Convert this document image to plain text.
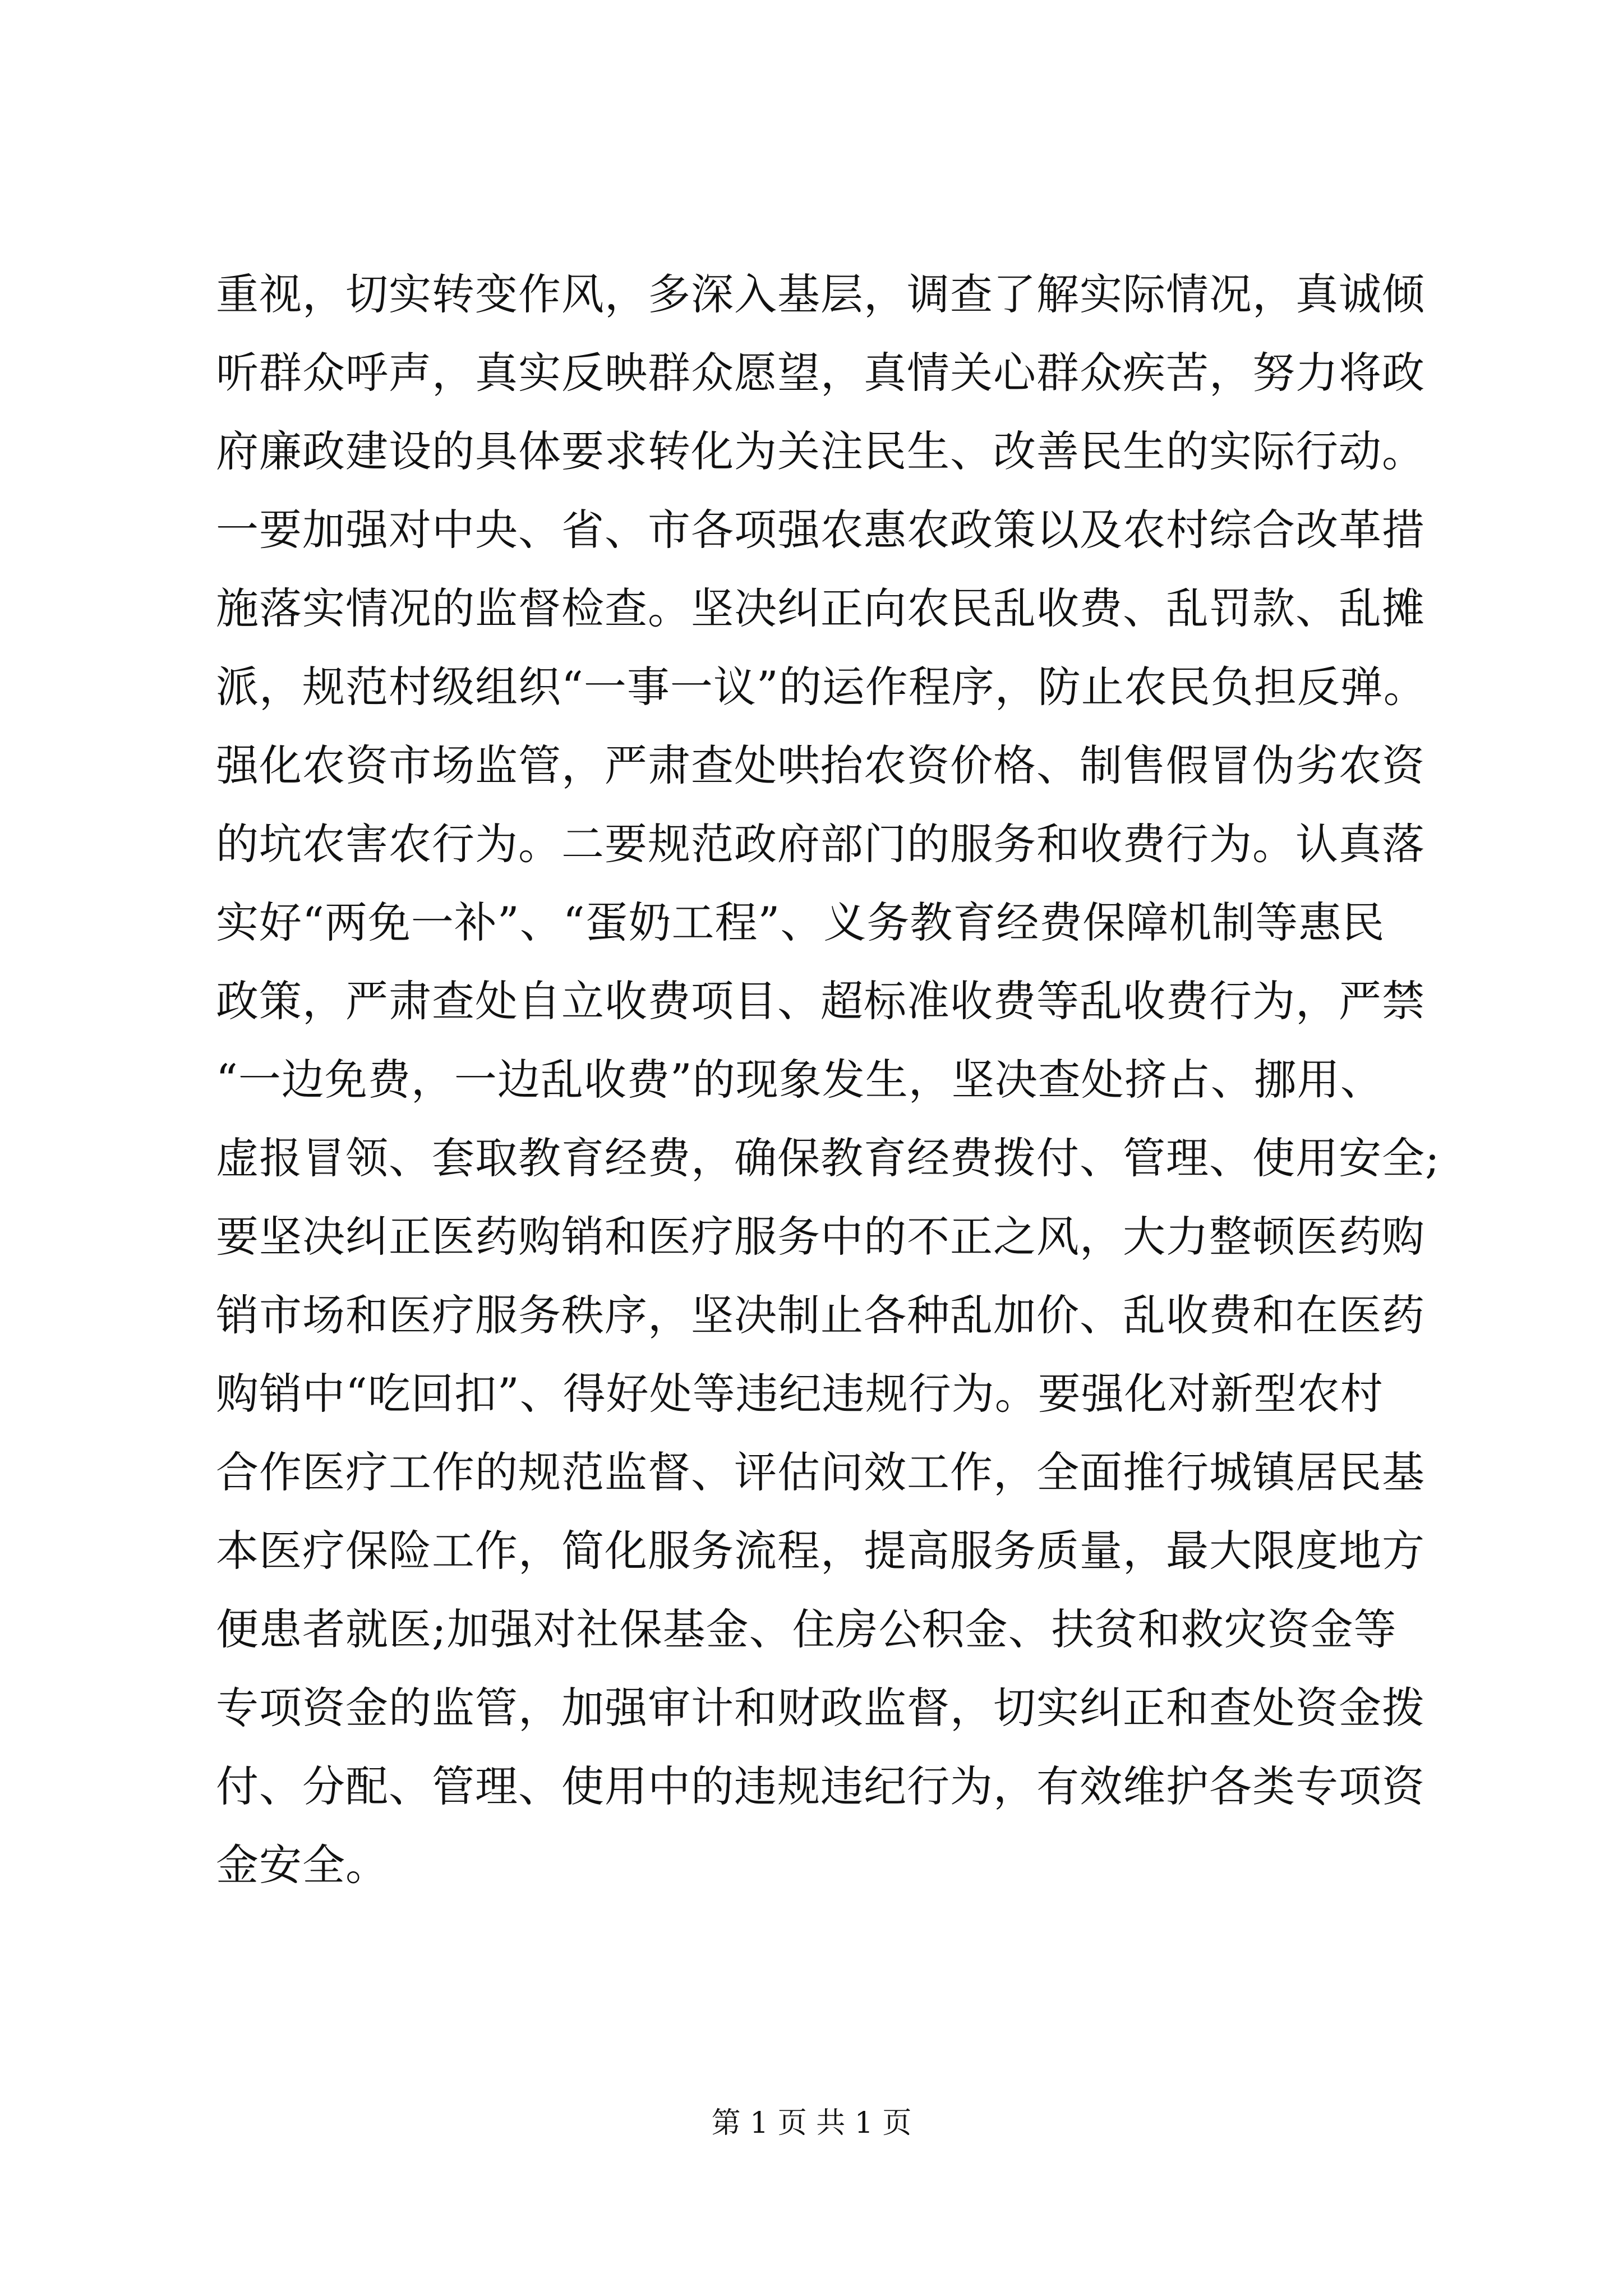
重视，切实转变作风，多深入基层，调查了解实际情况，真诚倾
听群众呼声，真实反映群众愿望，真情关心群众疾苦，努力将政
府廉政建设的具体要求转化为关注民生、改善民生的实际行动。
一要加强对中央、省、市各项强农惠农政策以及农村综合改革措
施落实情况的监督检查。坚决纠正向农民乱收费、乱罚款、乱摊
派，规范村级组织“一事一议”的运作程序，防止农民负担反弹。
强化农资市场监管，严肃查处哄抬农资价格、制售假冒伪劣农资
的坑农害农行为。二要规范政府部门的服务和收费行为。认真落
实好“两免一补”、“蛋奶工程”、义务教育经费保障机制等惠民
政策，严肃查处自立收费项目、超标准收费等乱收费行为，严禁
“一边免费，一边乱收费”的现象发生，坚决查处挤占、挪用、
虚报冒领、套取教育经费，确保教育经费拨付、管理、使用安全;
要坚决纠正医药购销和医疗服务中的不正之风，大力整顿医药购
销市场和医疗服务秩序，坚决制止各种乱加价、乱收费和在医药
购销中“吃回扣”、得好处等违纪违规行为。要强化对新型农村
合作医疗工作的规范监督、评估问效工作，全面推行城镇居民基
本医疗保险工作，简化服务流程，提高服务质量，最大限度地方
便患者就医;加强对社保基金、住房公积金、扶贫和救灾资金等
专项资金的监管，加强审计和财政监督，切实纠正和查处资金拨
付、分配、管理、使用中的违规违纪行为，有效维护各类专项资
金安全。
第 1 页 共 1 页
